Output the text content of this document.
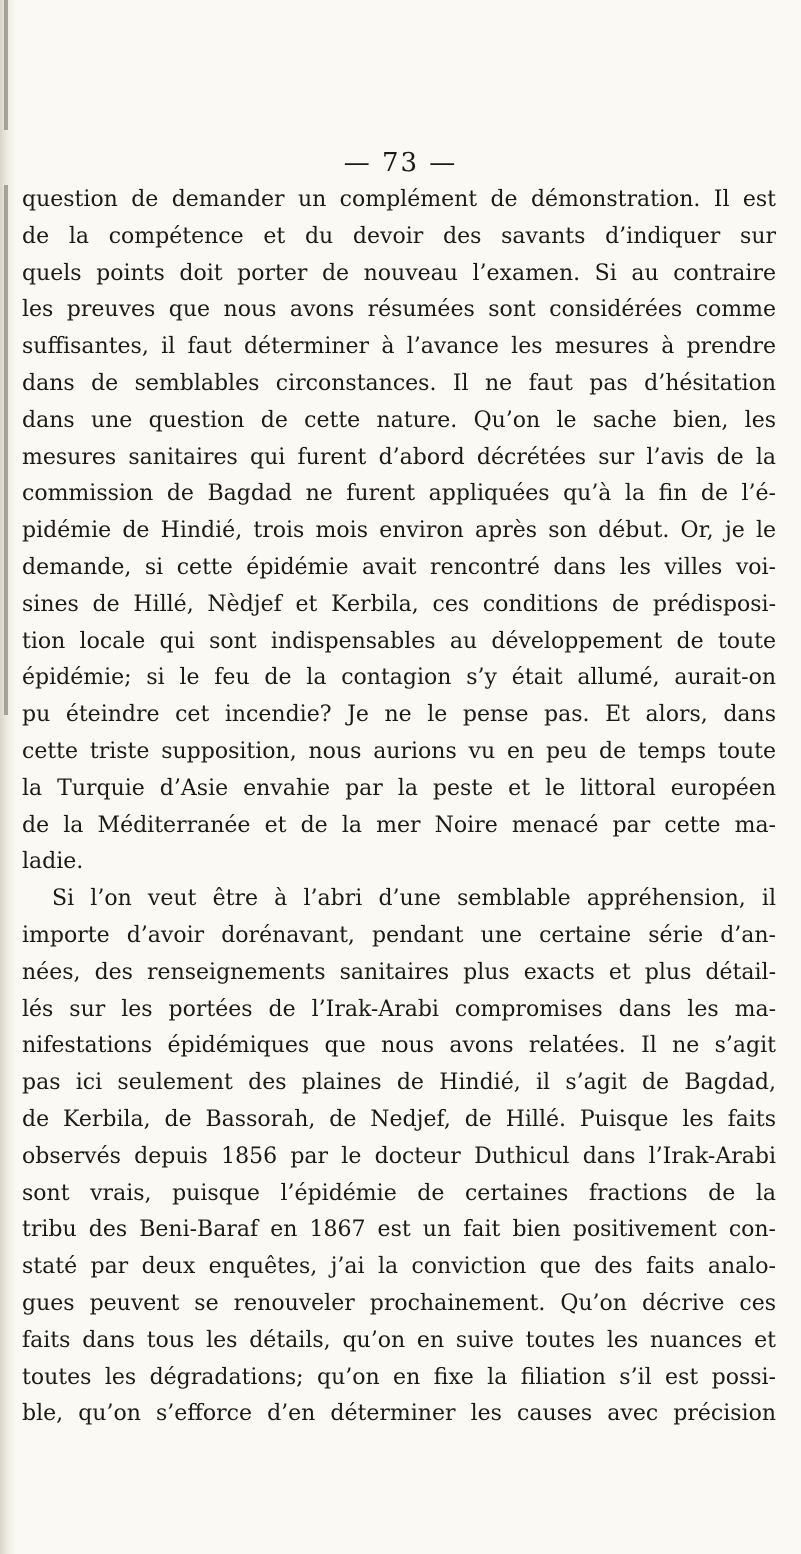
— 73 —
question de demander un complément de démonstration. Il est
de la compétence et du devoir des savants d’indiquer sur
quels points doit porter de nouveau l’examen. Si au contraire
les preuves que nous avons résumées sont considérées comme
suffisantes, il faut déterminer à l’avance les mesures à prendre
dans de semblables circonstances. Il ne faut pas d’hésitation
dans une question de cette nature. Qu’on le sache bien, les
mesures sanitaires qui furent d’abord décrétées sur l’avis de la
commission de Bagdad ne furent appliquées qu’à la fin de l’é-
pidémie de Hindié, trois mois environ après son début. Or, je le
demande, si cette épidémie avait rencontré dans les villes voi-
sines de Hillé, Nèdjef et Kerbila, ces conditions de prédisposi-
tion locale qui sont indispensables au développement de toute
épidémie; si le feu de la contagion s’y était allumé, aurait-on
pu éteindre cet incendie? Je ne le pense pas. Et alors, dans
cette triste supposition, nous aurions vu en peu de temps toute
la Turquie d’Asie envahie par la peste et le littoral européen
de la Méditerranée et de la mer Noire menacé par cette ma-
ladie.
Si l’on veut être à l’abri d’une semblable appréhension, il
importe d’avoir dorénavant, pendant une certaine série d’an-
nées, des renseignements sanitaires plus exacts et plus détail-
lés sur les portées de l’Irak-Arabi compromises dans les ma-
nifestations épidémiques que nous avons relatées. Il ne s’agit
pas ici seulement des plaines de Hindié, il s’agit de Bagdad,
de Kerbila, de Bassorah, de Nedjef, de Hillé. Puisque les faits
observés depuis 1856 par le docteur Duthicul dans l’Irak-Arabi
sont vrais, puisque l’épidémie de certaines fractions de la
tribu des Beni-Baraf en 1867 est un fait bien positivement con-
staté par deux enquêtes, j’ai la conviction que des faits analo-
gues peuvent se renouveler prochainement. Qu’on décrive ces
faits dans tous les détails, qu’on en suive toutes les nuances et
toutes les dégradations; qu’on en fixe la filiation s’il est possi-
ble, qu’on s’efforce d’en déterminer les causes avec précision
